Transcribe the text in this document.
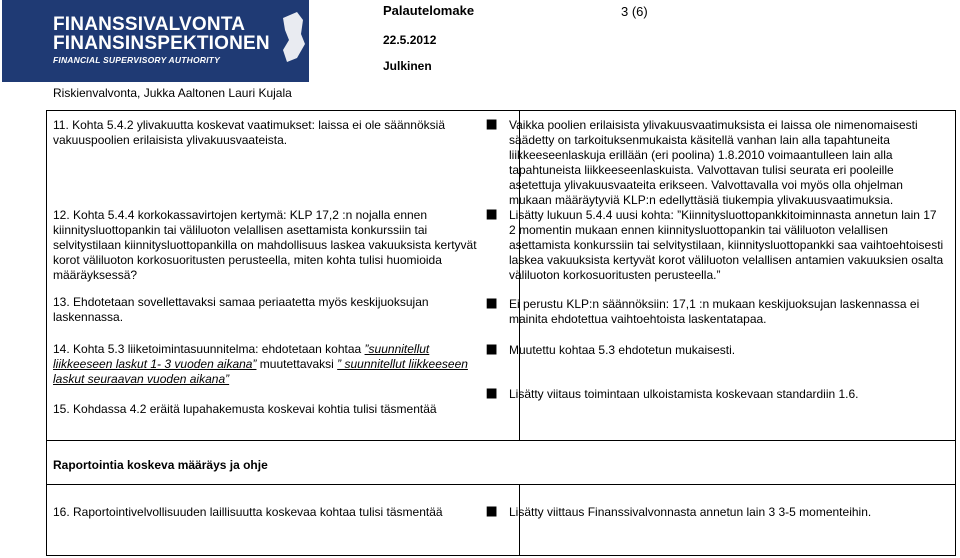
FINANSSIVALVONTA
FINANSINSPEKTIONEN
FINANCIAL SUPERVISORY AUTHORITY
Palautelomake	3 (6)
22.5.2012
Julkinen
Riskienvalvonta, Jukka Aaltonen Lauri Kujala
11. Kohta 5.4.2 ylivakuutta koskevat vaatimukset: laissa ei ole säännöksiä vakuuspoolien erilaisista ylivakuusvaateista.
12. Kohta 5.4.4 korkokassavirtojen kertymä: KLP 17,2 :n nojalla ennen kiinnitysluottopankin tai väliluoton velallisen asettamista konkurssiin tai selvitystilaan kiinnitysluottopankilla on mahdollisuus laskea vakuuksista kertyvät korot väliluoton korkosuoritusten perusteella, miten kohta tulisi huomioida määräyksessä?
13. Ehdotetaan sovellettavaksi samaa periaatetta myös keskijuoksujan laskennassa.
14. Kohta 5.3 liiketoimintasuunnitelma: ehdotetaan kohtaa ”suunnitellut liikkeeseen laskut 1- 3 vuoden aikana” muutettavaksi ” suunnitellut liikkeeseen laskut seuraavan vuoden aikana”
15. Kohdassa 4.2 eräitä lupahakemusta koskevai kohtia tulisi täsmentää
16. Raportointivelvollisuuden laillisuutta koskevaa kohtaa tulisi täsmentää
⯀ Vaikka poolien erilaisista ylivakuusvaatimuksista ei laissa ole nimenomaisesti säädetty on tarkoituksenmukaista käsitellä vanhan lain alla tapahtuneita liikkeeseenlaskuja erillään (eri poolina) 1.8.2010 voimaantulleen lain alla tapahtuneista liikkeeseenlaskuista. Valvottavan tulisi seurata eri pooleille asetettuja ylivakuusvaateita erikseen. Valvottavalla voi myös olla ohjelman mukaan määräytyviä KLP:n edellyttäsiä tiukempia ylivakuusvaatimuksia.
⯀ Lisätty lukuun 5.4.4 uusi kohta: ”Kiinnitysluottopankkitoiminnasta annetun lain 17 2 momentin mukaan ennen kiinnitysluottopankin tai väliluoton velallisen asettamista konkurssiin tai selvitystilaan, kiinnitysluottopankki saa vaihtoehtoisesti laskea vakuuksista kertyvät korot väliluoton velallisen antamien vakuuksien osalta väliluoton korkosuoritusten perusteella.”
⯀ Ei perustu KLP:n säännöksiin: 17,1 :n mukaan keskijuoksujan laskennassa ei mainita ehdotettua vaihtoehtoista laskentatapaa.
⯀ Muutettu kohtaa 5.3 ehdotetun mukaisesti.
⯀ Lisätty viitaus toimintaan ulkoistamista koskevaan standardiin 1.6.
Raportointia koskeva määräys ja ohje
⯀ Lisätty viittaus Finanssivalvonnasta annetun lain 3 3-5 momenteihin.
